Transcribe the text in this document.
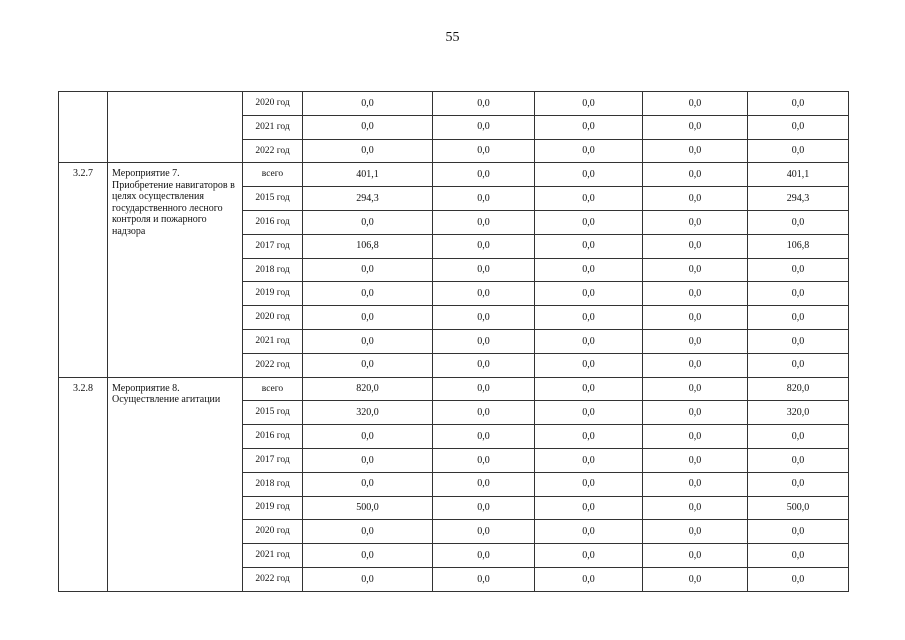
55
		2020 год	0,0	0,0	0,0	0,0	0,0
		2021 год	0,0	0,0	0,0	0,0	0,0
		2022 год	0,0	0,0	0,0	0,0	0,0
3.2.7	Мероприятие 7. Приобретение навигаторов в целях осуществления государственного лесного контроля и пожарного надзора	всего	401,1	0,0	0,0	0,0	401,1
		2015 год	294,3	0,0	0,0	0,0	294,3
		2016 год	0,0	0,0	0,0	0,0	0,0
		2017 год	106,8	0,0	0,0	0,0	106,8
		2018 год	0,0	0,0	0,0	0,0	0,0
		2019 год	0,0	0,0	0,0	0,0	0,0
		2020 год	0,0	0,0	0,0	0,0	0,0
		2021 год	0,0	0,0	0,0	0,0	0,0
		2022 год	0,0	0,0	0,0	0,0	0,0
3.2.8	Мероприятие 8. Осуществление агитации	всего	820,0	0,0	0,0	0,0	820,0
		2015 год	320,0	0,0	0,0	0,0	320,0
		2016 год	0,0	0,0	0,0	0,0	0,0
		2017 год	0,0	0,0	0,0	0,0	0,0
		2018 год	0,0	0,0	0,0	0,0	0,0
		2019 год	500,0	0,0	0,0	0,0	500,0
		2020 год	0,0	0,0	0,0	0,0	0,0
		2021 год	0,0	0,0	0,0	0,0	0,0
		2022 год	0,0	0,0	0,0	0,0	0,0
